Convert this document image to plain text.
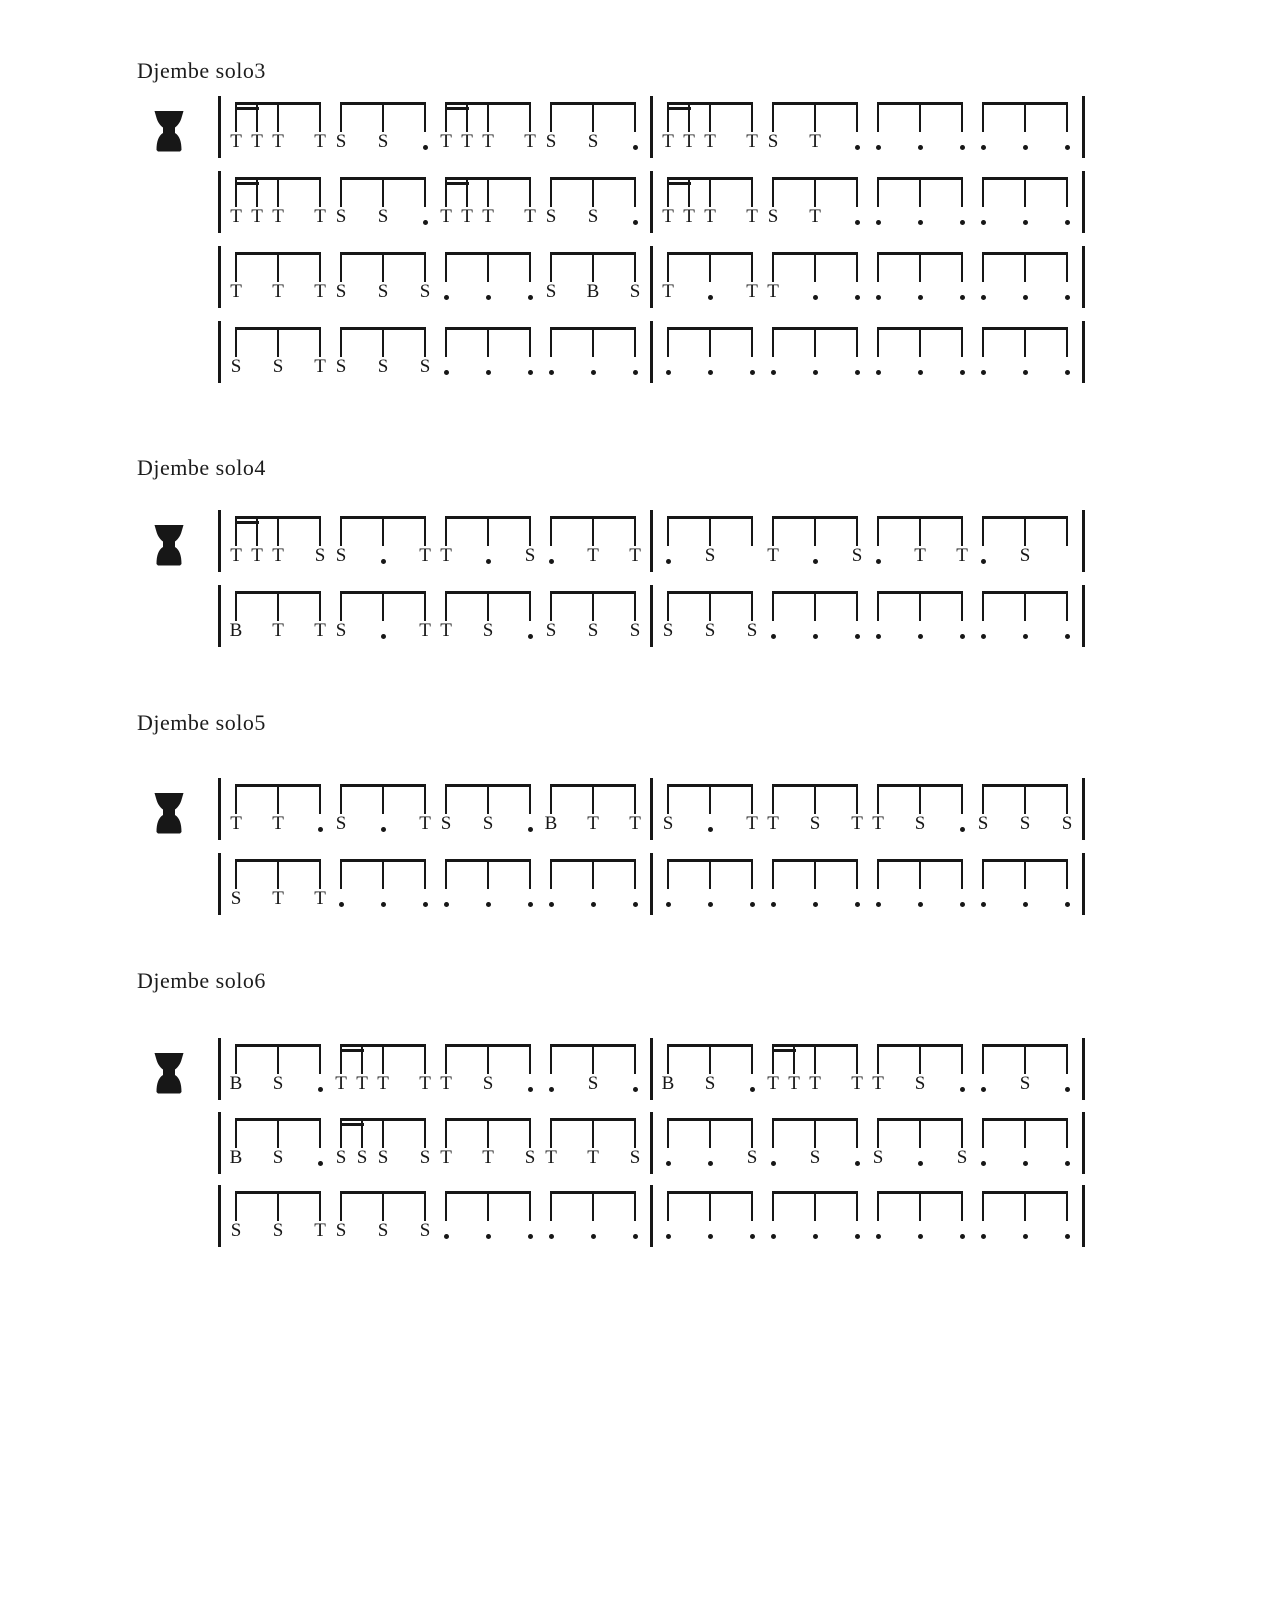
Djembe solo3
Djembe solo4
Djembe solo5
Djembe solo6
T T T T S S	T T T T S S	T T T T S T
T T T T S S	T T T T S S	T T T T S T
T T T S S S	S B S T	T T
S S T S S S
T T T S S	T T	S	T T	S	T	S	T T	S
B T T S	T T S	S S S S S S
T T	S	T S S	B T T S	T T S T T S	S S S
S T T
B S	T T T T T S	S	B S	T T T T T S	S
B S	S S S S T T S T T S	S	S	S	S
S S T S S S
